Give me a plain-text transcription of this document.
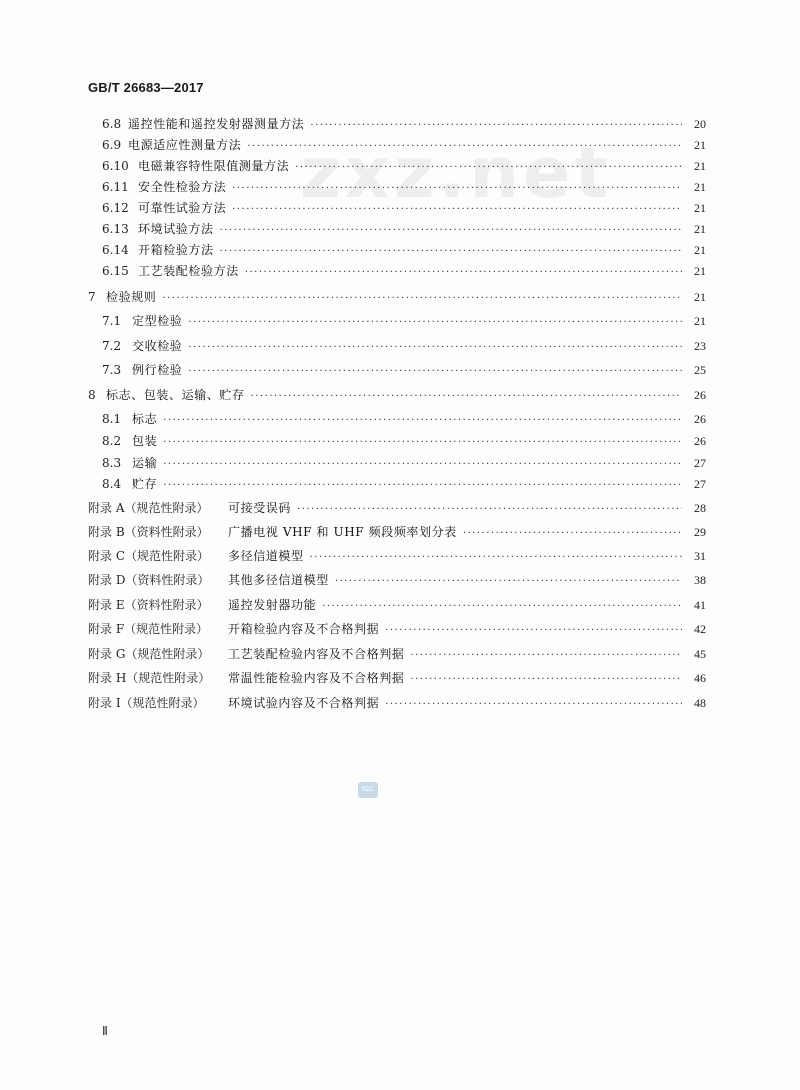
GB/T 26683—2017
zxz.net
6.8 遥控性能和遥控发射器测量方法 ·····	20
6.9 电源适应性测量方法 ·····	21
6.10 电磁兼容特性限值测量方法 ·····	21
6.11 安全性检验方法 ·····	21
6.12 可靠性试验方法 ·····	21
6.13 环境试验方法 ·····	21
6.14 开箱检验方法 ·····	21
6.15 工艺装配检验方法 ·····	21
7 检验规则 ·····	21
7.1 定型检验 ·····	21
7.2 交收检验 ·····	23
7.3 例行检验 ·····	25
8 标志、包装、运输、贮存 ·····	26
8.1 标志 ·····	26
8.2 包装 ·····	26
8.3 运输 ·····	27
8.4 贮存 ·····	27
附录 A（规范性附录）	可接受误码 ·····	28
附录 B（资料性附录）	广播电视 VHF 和 UHF 频段频率划分表 ·····	29
附录 C（规范性附录）	多径信道模型 ·····	31
附录 D（资料性附录）	其他多径信道模型 ·····	38
附录 E（资料性附录）	遥控发射器功能 ·····	41
附录 F（规范性附录）	开箱检验内容及不合格判据 ·····	42
附录 G（规范性附录）	工艺装配检验内容及不合格判据 ·····	45
附录 H（规范性附录）	常温性能检验内容及不合格判据 ·····	46
附录 I（规范性附录）	环境试验内容及不合格判据 ·····	48
SDC
Ⅱ
